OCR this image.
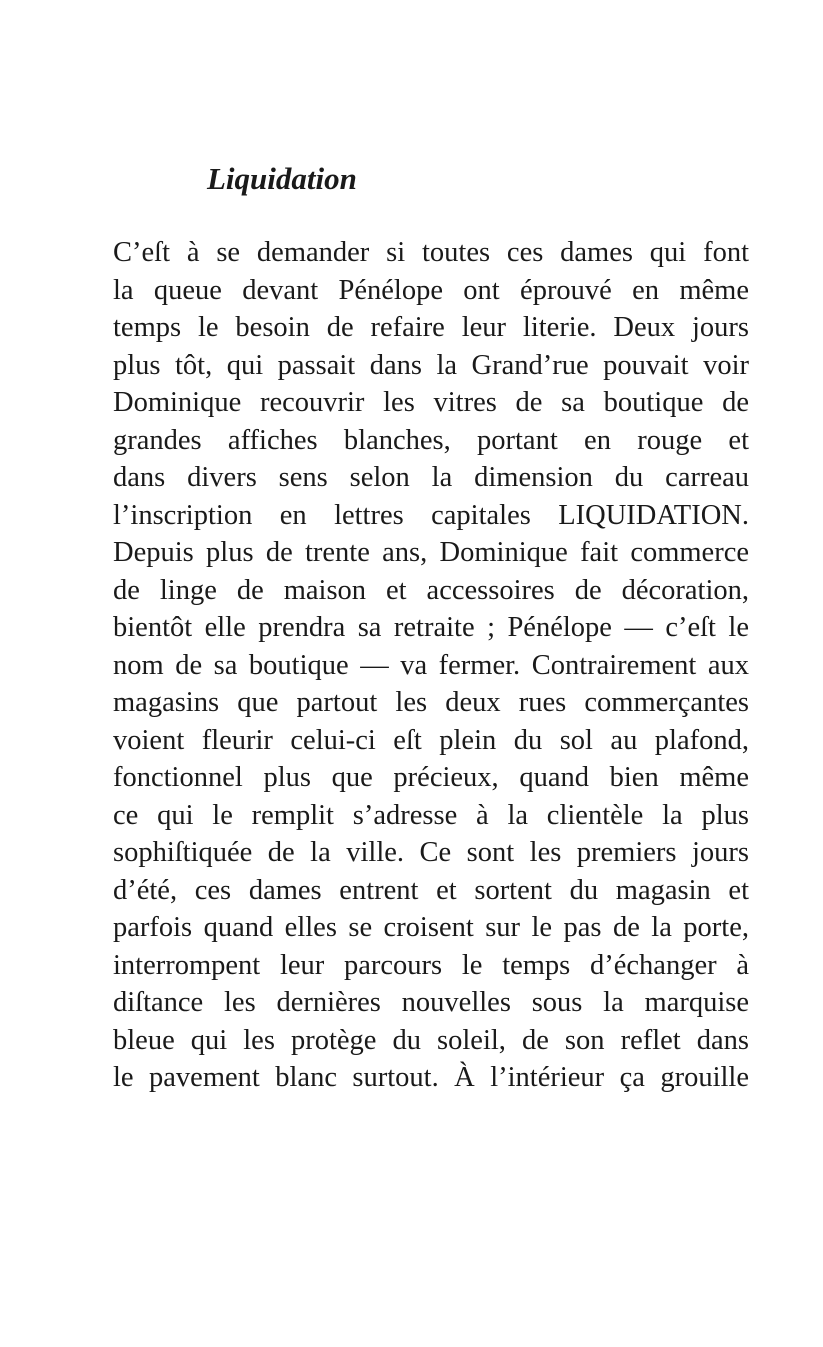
Liquidation
C’eſt à se demander si toutes ces dames qui font
la queue devant Pénélope ont éprouvé en même
temps le besoin de refaire leur literie. Deux jours
plus tôt, qui passait dans la Grand’rue pouvait voir
Dominique recouvrir les vitres de sa boutique de
grandes affiches blanches, portant en rouge et
dans divers sens selon la dimension du carreau
l’inscription en lettres capitales LIQUIDATION.
Depuis plus de trente ans, Dominique fait commerce
de linge de maison et accessoires de décoration,
bientôt elle prendra sa retraite ; Pénélope — c’eſt le
nom de sa boutique — va fermer. Contrairement aux
magasins que partout les deux rues commerçantes
voient fleurir celui-ci eſt plein du sol au plafond,
fonctionnel plus que précieux, quand bien même
ce qui le remplit s’adresse à la clientèle la plus
sophiſtiquée de la ville. Ce sont les premiers jours
d’été, ces dames entrent et sortent du magasin et
parfois quand elles se croisent sur le pas de la porte,
interrompent leur parcours le temps d’échanger à
diſtance les dernières nouvelles sous la marquise
bleue qui les protège du soleil, de son reflet dans
le pavement blanc surtout. À l’intérieur ça grouille
